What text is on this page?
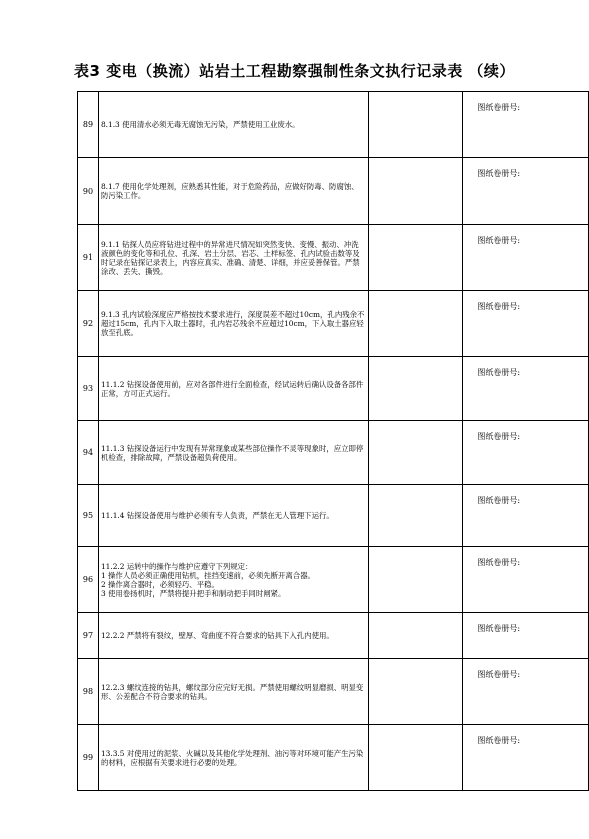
表3 变电（换流）站岩土工程勘察强制性条文执行记录表 （续）
89	8.1.3 使用清水必须无毒无腐蚀无污染，严禁使用工业废水。		图纸卷册号:

90	8.1.7 使用化学处理剂，应熟悉其性能，对于危险药品，应做好防毒、防腐蚀、防污染工作。		图纸卷册号:

91	9.1.1 钻探人员应将钻进过程中的异常进尺情况如突然变快、变慢、振动、冲洗液颜色的变化等和孔位、孔深、岩土分层、岩芯、土样标签、孔内试验击数等及时记录在钻探记录表上，内容应真实、准确、清楚、详细，并应妥善保管。严禁涂改、丢失、撕毁。		图纸卷册号:

92	9.1.3 孔内试验深度应严格按技术要求进行，深度误差不超过10cm，孔内残余不超过15cm，孔内下入取土器时，孔内岩芯残余不应超过10cm，下入取土器应轻放至孔底。		图纸卷册号:

93	11.1.2 钻探设备使用前，应对各部件进行全面检查，经试运转后确认设备各部件正常，方可正式运行。		图纸卷册号:

94	11.1.3 钻探设备运行中发现有异常现象或某些部位操作不灵等现象时，应立即停机检查，排除故障，严禁设备超负荷使用。		图纸卷册号:

95	11.1.4 钻探设备使用与维护必须有专人负责，严禁在无人管理下运行。		图纸卷册号:

96	11.2.2 运转中的操作与维护应遵守下列规定：
1 操作人员必须正确使用钻机，挂挡变速前，必须先断开离合器。
2 操作离合器时，必须轻巧、平稳。
3 使用卷扬机时，严禁将提升把手和制动把手同时闸紧。		图纸卷册号:

97	12.2.2 严禁将有裂纹，壁厚、弯曲度不符合要求的钻具下入孔内使用。		图纸卷册号:

98	12.2.3 螺纹连接的钻具，螺纹部分应完好无损。严禁使用螺纹明显磨损、明显变形、公差配合不符合要求的钻具。		图纸卷册号:

99	13.3.5 对使用过的泥浆、火碱以及其他化学处理剂、油污等对环境可能产生污染的材料，应根据有关要求进行必要的处理。		图纸卷册号:
